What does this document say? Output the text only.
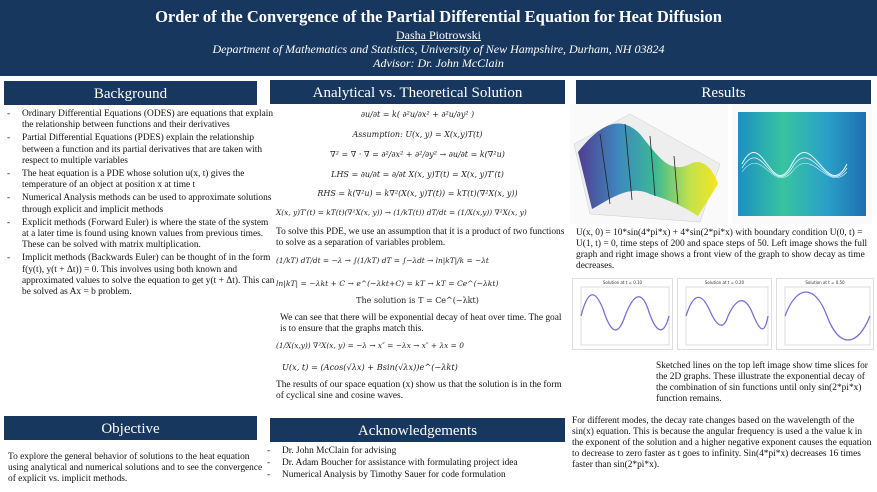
Order of the Convergence of the Partial Differential Equation for Heat Diffusion
Dasha Piotrowski
Department of Mathematics and Statistics, University of New Hampshire, Durham, NH 03824
Advisor: Dr. John McClain
Background
- Ordinary Differential Equations (ODES) are equations that explain the relationship between functions and their derivatives
- Partial Differential Equations (PDES) explain the relationship between a function and its partial derivatives that are taken with respect to multiple variables
- The heat equation is a PDE whose solution u(x, t) gives the temperature of an object at position x at time t
- Numerical Analysis methods can be used to approximate solutions through explicit and implicit methods
- Explicit methods (Forward Euler) is where the state of the system at a later time is found using known values from previous times. These can be solved with matrix multiplication.
- Implicit methods (Backwards Euler) can be thought of in the form f(y(t), y(t + Δt)) = 0. This involves using both known and approximated values to solve the equation to get y(t + Δt). This can be solved as Ax = b problem.
Objective
To explore the general behavior of solutions to the heat equation using analytical and numerical solutions and to see the convergence of explicit vs. implicit methods.
Analytical vs. Theoretical Solution
∂u/∂t = k( ∂²u/∂x² + ∂²u/∂y² )
Assumption: U(x, y) = X(x,y)T(t)
∇² = ∇ · ∇ = ∂²/∂x² + ∂²/∂y² → ∂u/∂t = k(∇²u)
LHS = ∂u/∂t = ∂/∂t X(x, y)T(t) = X(x, y)T′(t)
RHS = k(∇²u) = k∇²(X(x, y)T(t)) = kT(t)(∇²X(x, y))
X(x, y)T′(t) = kT(t)(∇²X(x, y)) → (1/kT(t)) dT/dt = (1/X(x,y)) ∇²X(x, y)
To solve this PDE, we use an assumption that it is a product of two functions to solve as a separation of variables problem.
(1/kT) dT/dt = −λ → ∫(1/kT) dT = ∫−λdt → ln|kT|/k = −λt
ln|kT| = −λkt + C → e^(−λkt+C) = kT → kT = Ce^(−λkt)
The solution is T = Ce^(−λkt)
We can see that there will be exponential decay of heat over time. The goal is to ensure that the graphs match this.
(1/X(x,y)) ∇²X(x, y) = −λ → x″ = −λx → x″ + λx = 0
U(x, t) = (Acos(√λx) + Bsin(√λx))e^(−λkt)
The results of our space equation (x) show us that the solution is in the form of cyclical sine and cosine waves.
Acknowledgements
- Dr. John McClain for advising
- Dr. Adam Boucher for assistance with formulating project idea
- Numerical Analysis by Timothy Sauer for code formulation
Results
U(x, 0) = 10*sin(4*pi*x) + 4*sin(2*pi*x) with boundary condition U(0, t) = U(1, t) = 0, time steps of 200 and space steps of 50. Left image shows the full graph and right image shows a front view of the graph to show decay as time decreases.
Solution at t = 0.10	Solution at t = 0.20	Solution at t = 0.50
Sketched lines on the top left image show time slices for the 2D graphs. These illustrate the exponential decay of the combination of sin functions until only sin(2*pi*x) function remains.
For different modes, the decay rate changes based on the wavelength of the sin(x) equation. This is because the angular frequency is used a the value k in the exponent of the solution and a higher negative exponent causes the equation to decrease to zero faster as t goes to infinity. Sin(4*pi*x) decreases 16 times faster than sin(2*pi*x).
